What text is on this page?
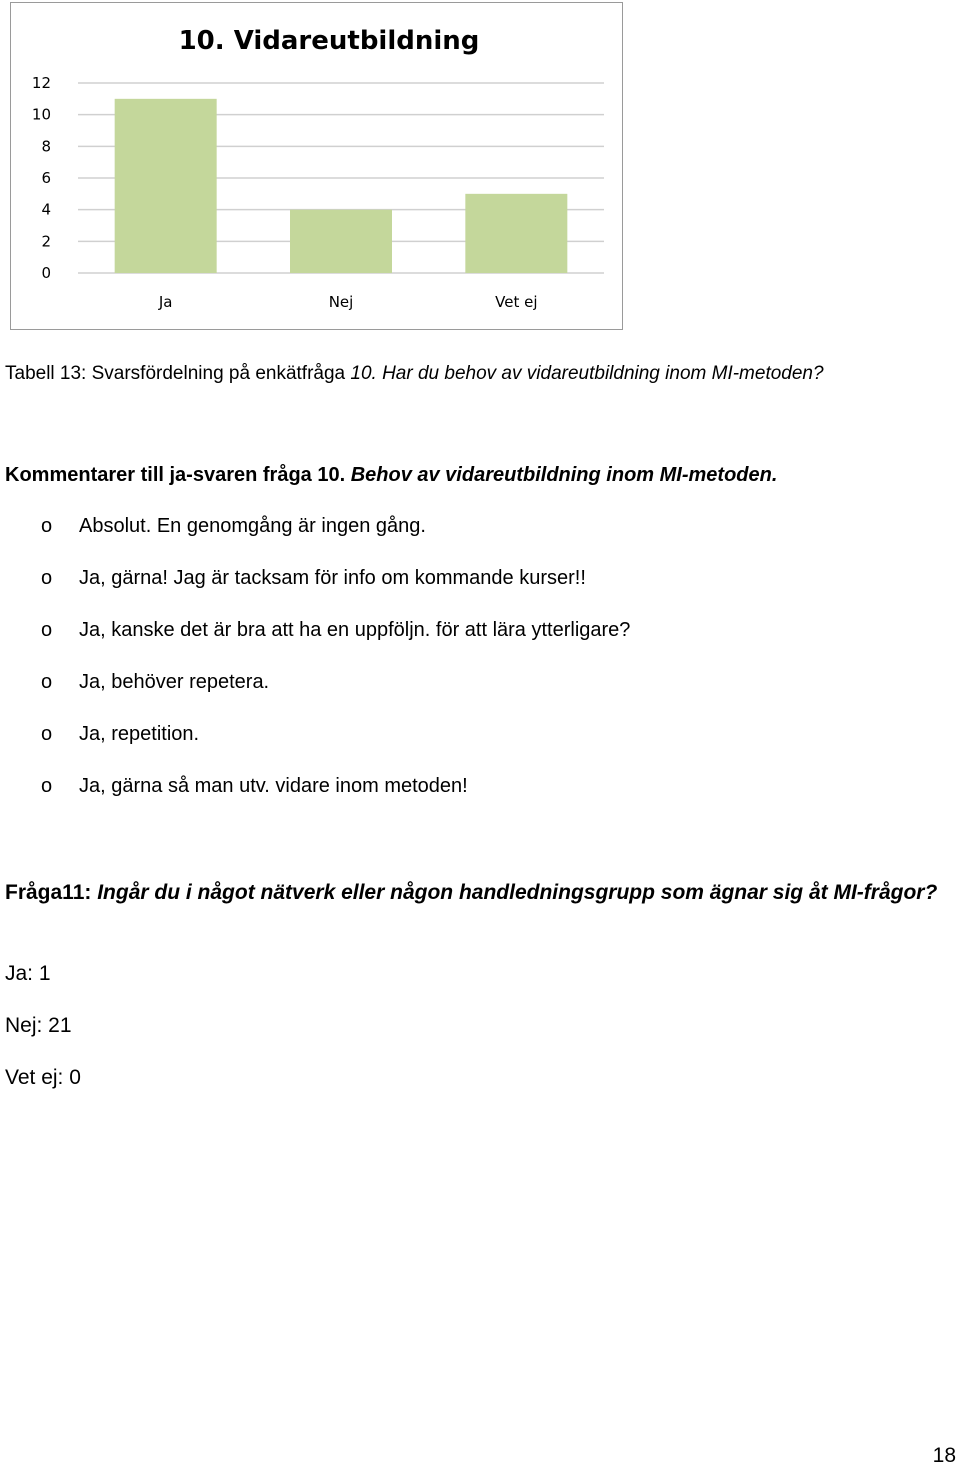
0
2
4
6
8
10
12
Ja	Nej	Vet ej
10. Vidareutbildning
Tabell 13: Svarsfördelning på enkätfråga 10. Har du behov av vidareutbildning inom MI-metoden?
Kommentarer till ja-svaren fråga 10. Behov av vidareutbildning inom MI-metoden.
o Absolut. En genomgång är ingen gång.
o Ja, gärna! Jag är tacksam för info om kommande kurser!!
o Ja, kanske det är bra att ha en uppföljn. för att lära ytterligare?
o Ja, behöver repetera.
o Ja, repetition.
o Ja, gärna så man utv. vidare inom metoden!
Fråga11: Ingår du i något nätverk eller någon handledningsgrupp som ägnar sig åt MI-frågor?
Ja: 1
Nej: 21
Vet ej: 0
18
